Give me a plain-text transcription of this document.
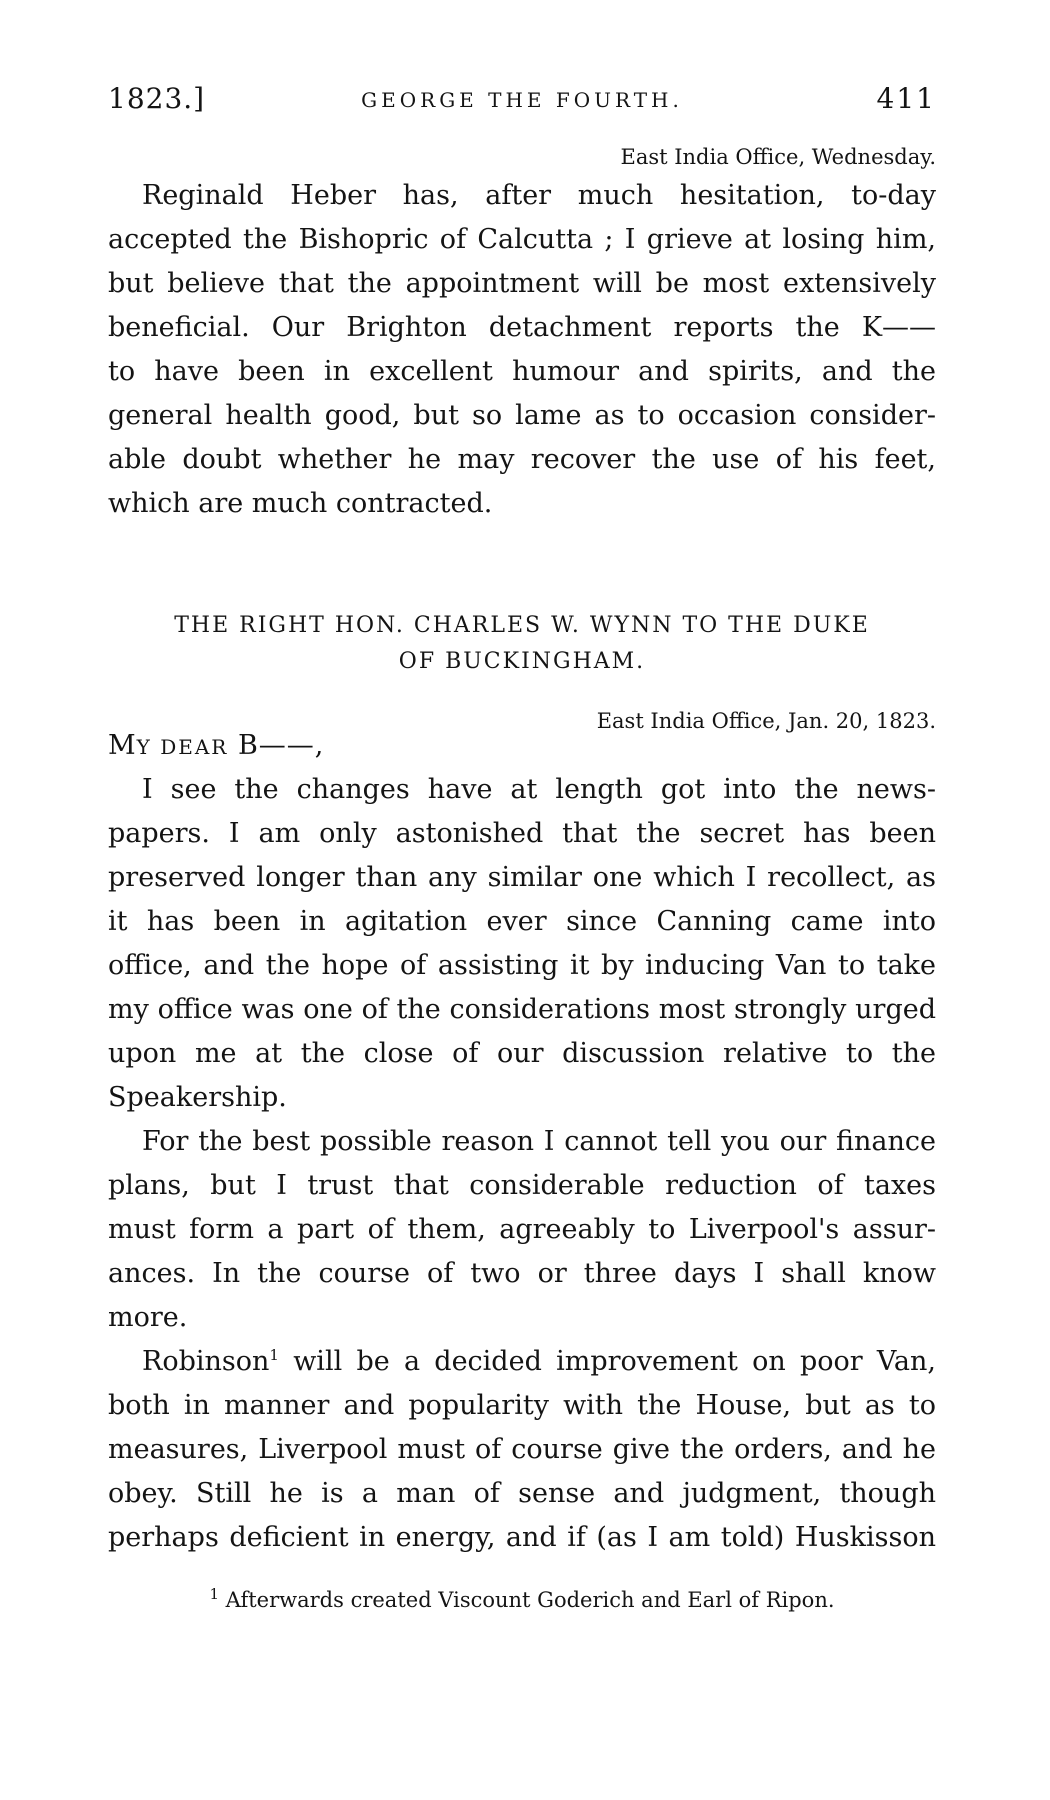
1823.]	GEORGE THE FOURTH.	411
East India Office, Wednesday.
Reginald Heber has, after much hesitation, to-day
accepted the Bishopric of Calcutta ; I grieve at losing him,
but believe that the appointment will be most extensively
beneficial. Our Brighton detachment reports the K——
to have been in excellent humour and spirits, and the
general health good, but so lame as to occasion consider-
able doubt whether he may recover the use of his feet,
which are much contracted.
THE RIGHT HON. CHARLES W. WYNN TO THE DUKE
OF BUCKINGHAM.
East India Office, Jan. 20, 1823.
MY DEAR B——,
I see the changes have at length got into the news-
papers. I am only astonished that the secret has been
preserved longer than any similar one which I recollect, as
it has been in agitation ever since Canning came into
office, and the hope of assisting it by inducing Van to take
my office was one of the considerations most strongly urged
upon me at the close of our discussion relative to the
Speakership.
For the best possible reason I cannot tell you our finance
plans, but I trust that considerable reduction of taxes
must form a part of them, agreeably to Liverpool's assur-
ances. In the course of two or three days I shall know
more.
Robinson$^1$ will be a decided improvement on poor Van,
both in manner and popularity with the House, but as to
measures, Liverpool must of course give the orders, and he
obey. Still he is a man of sense and judgment, though
perhaps deficient in energy, and if (as I am told) Huskisson
$^1$ Afterwards created Viscount Goderich and Earl of Ripon.
